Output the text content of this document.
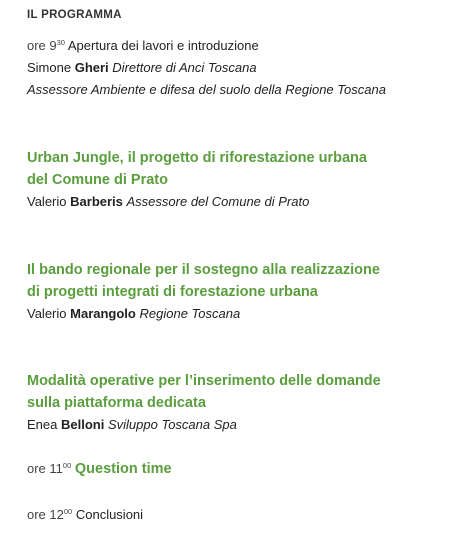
IL PROGRAMMA
ore $9^{30}$ Apertura dei lavori e introduzione
Simone Gheri Direttore di Anci Toscana
Assessore Ambiente e difesa del suolo della Regione Toscana
Urban Jungle, il progetto di riforestazione urbana
del Comune di Prato
Valerio Barberis Assessore del Comune di Prato
Il bando regionale per il sostegno alla realizzazione
di progetti integrati di forestazione urbana
Valerio Marangolo Regione Toscana
Modalità operative per l’inserimento delle domande
sulla piattaforma dedicata
Enea Belloni Sviluppo Toscana Spa
ore $11^{00}$ Question time
ore $12^{00}$ Conclusioni
